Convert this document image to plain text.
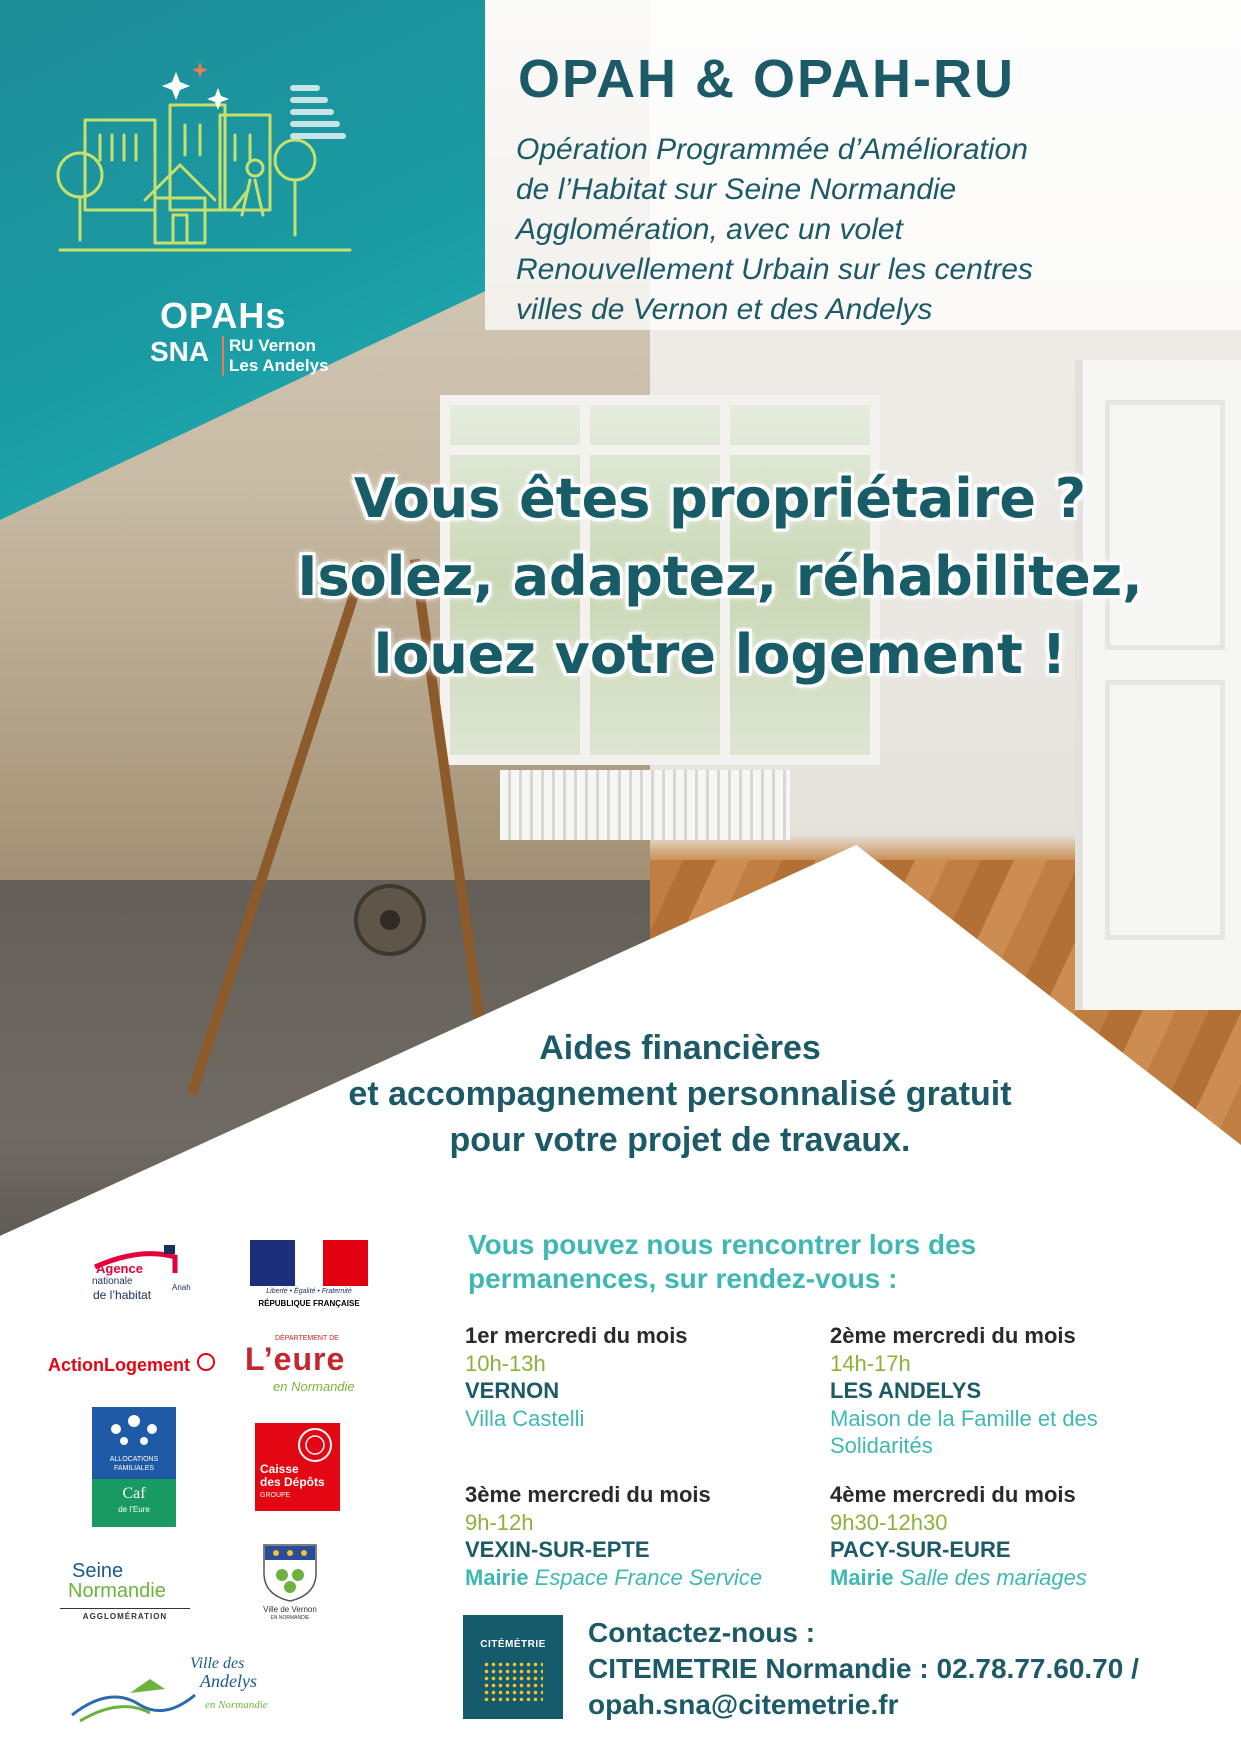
OPAHs
SNA	RU Vernon
Les Andelys
OPAH & OPAH-RU

Opération Programmée d’Amélioration
de l’Habitat sur Seine Normandie
Agglomération, avec un volet
Renouvellement Urbain sur les centres
villes de Vernon et des Andelys

Vous êtes propriétaire ?
Isolez, adaptez, réhabilitez,
louez votre logement !

Aides financières
et accompagnement personnalisé gratuit
pour votre projet de travaux.

Agence
nationale
de l’habitat
Anah	Liberté • Égalité • Fraternité
RÉPUBLIQUE FRANÇAISE
ActionLogement
DÉPARTEMENT DE
L’eure
en Normandie
ALLOCATIONS
FAMILIALES
Caf
de l’Eure
Caisse
des Dépôts
GROUPE
Seine
Normandie
AGGLOMÉRATION
Ville de Vernon
EN NORMANDIE
Ville des
Andelys
en Normandie

Vous pouvez nous rencontrer lors des
permanences, sur rendez-vous :

1er mercredi du mois
10h-13h
VERNON
Villa Castelli
2ème mercredi du mois
14h-17h
LES ANDELYS
Maison de la Famille et des Solidarités
3ème mercredi du mois
9h-12h
VEXIN-SUR-EPTE
Mairie Espace France Service
4ème mercredi du mois
9h30-12h30
PACY-SUR-EURE
Mairie Salle des mariages
CITÉMÉTRIE	Contactez-nous :
CITEMETRIE Normandie : 02.78.77.60.70 /
opah.sna@citemetrie.fr
